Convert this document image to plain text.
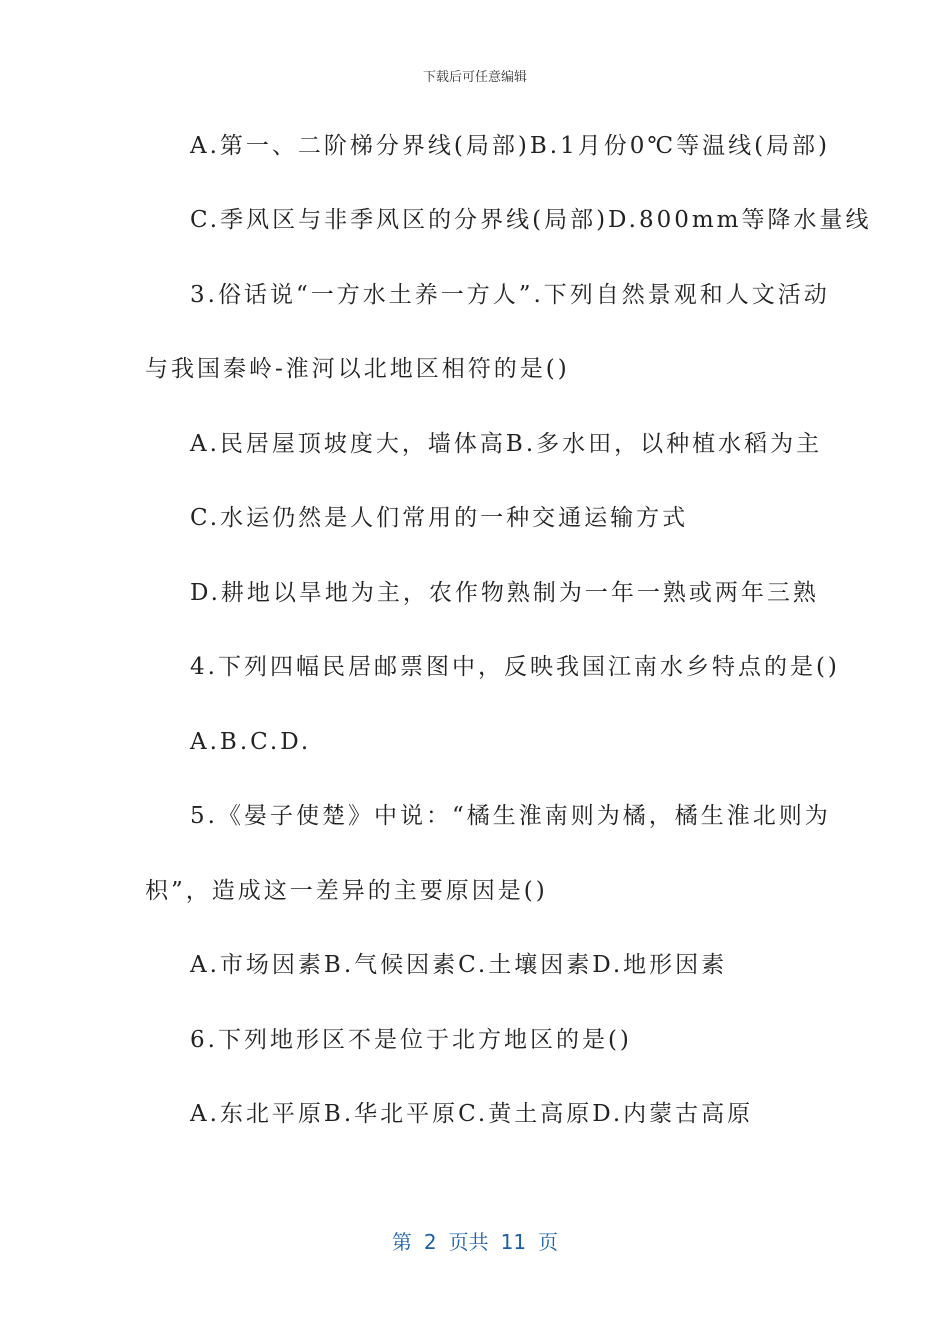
下载后可任意编辑
A.第一、二阶梯分界线(局部)B.1月份0℃等温线(局部)
C.季风区与非季风区的分界线(局部)D.800mm等降水量线
3.俗话说“一方水土养一方人”.下列自然景观和人文活动
与我国秦岭-淮河以北地区相符的是()
A.民居屋顶坡度大，墙体高B.多水田，以种植水稻为主
C.水运仍然是人们常用的一种交通运输方式
D.耕地以旱地为主，农作物熟制为一年一熟或两年三熟
4.下列四幅民居邮票图中，反映我国江南水乡特点的是()
A.B.C.D.
5.《晏子使楚》中说：“橘生淮南则为橘，橘生淮北则为
枳”，造成这一差异的主要原因是()
A.市场因素B.气候因素C.土壤因素D.地形因素
6.下列地形区不是位于北方地区的是()
A.东北平原B.华北平原C.黄土高原D.内蒙古高原
第 2 页共 11 页
